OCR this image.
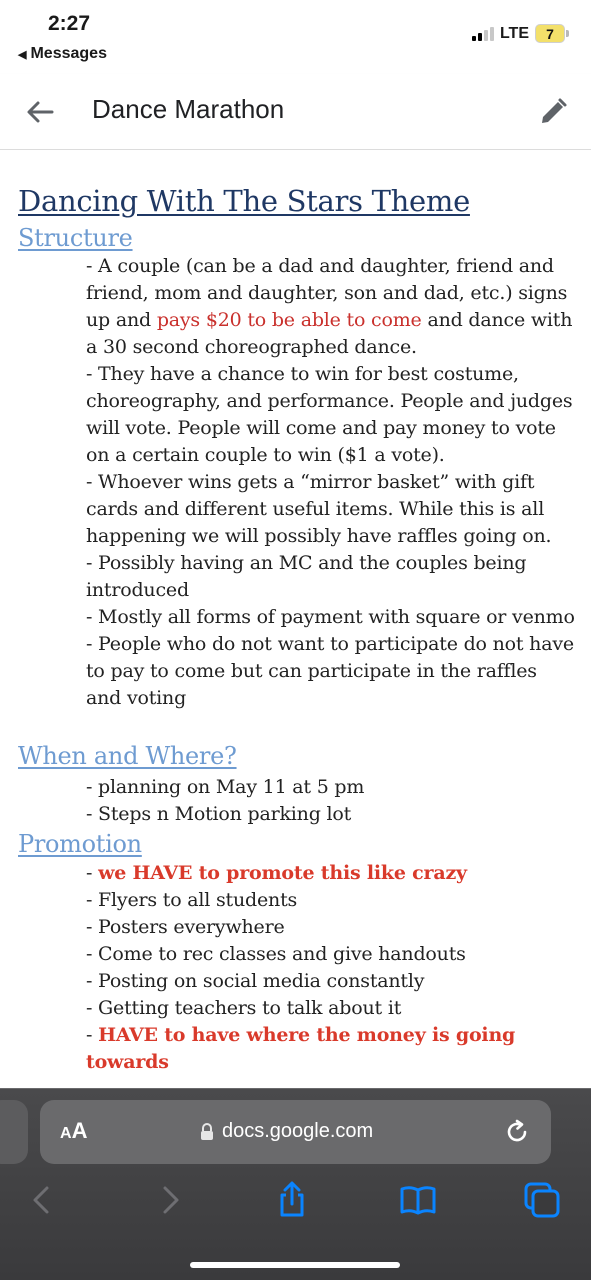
2:27
◀ Messages
LTE	7
Dance Marathon
Dancing With The Stars Theme
Structure
- A couple (can be a dad and daughter, friend and friend, mom and daughter, son and dad, etc.) signs up and pays $20 to be able to come and dance with a 30 second choreographed dance.
- They have a chance to win for best costume, choreography, and performance. People and judges will vote. People will come and pay money to vote on a certain couple to win ($1 a vote).
- Whoever wins gets a “mirror basket” with gift cards and different useful items. While this is all happening we will possibly have raffles going on.
- Possibly having an MC and the couples being introduced
- Mostly all forms of payment with square or venmo
- People who do not want to participate do not have to pay to come but can participate in the raffles and voting
When and Where?
- planning on May 11 at 5 pm
- Steps n Motion parking lot
Promotion
- we HAVE to promote this like crazy
- Flyers to all students
- Posters everywhere
- Come to rec classes and give handouts
- Posting on social media constantly
- Getting teachers to talk about it
- HAVE to have where the money is going towards
AA	docs.google.com
